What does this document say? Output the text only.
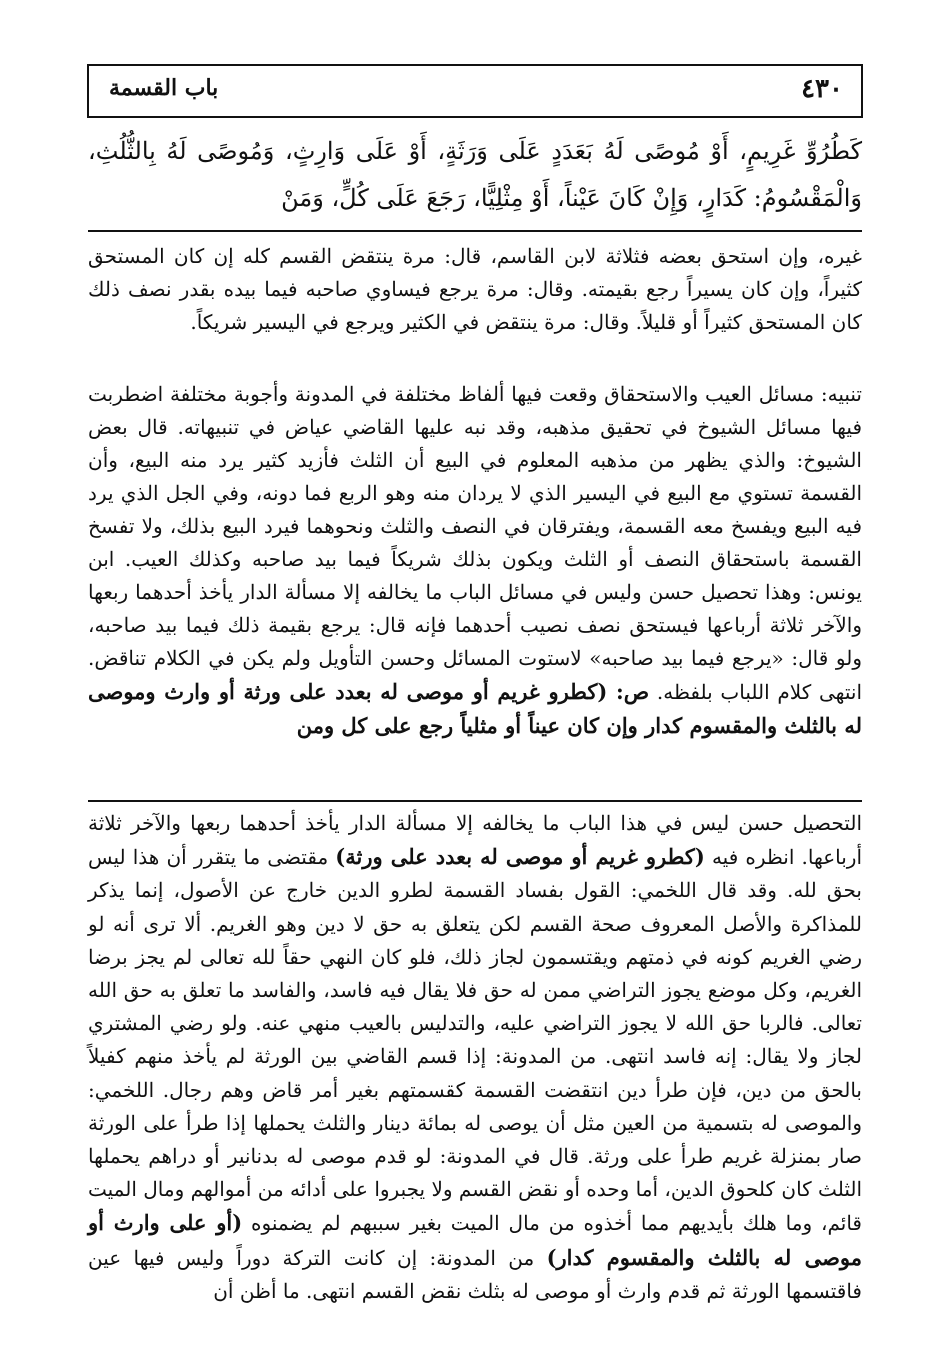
٤٣٠
باب القسمة
كَطُرُوِّ غَرِيمٍ، أَوْ مُوصًى لَهُ بَعَدَدٍ عَلَى وَرَثَةٍ، أَوْ عَلَى وَارِثٍ، وَمُوصًى لَهُ بِالثُّلُثِ، وَالْمَقْسُومُ: كَدَارٍ، وَإِنْ كَانَ عَيْناً، أَوْ مِثْلِيًّا، رَجَعَ عَلَى كُلٍّ، وَمَنْ
غيره، وإن استحق بعضه فثلاثة لابن القاسم، قال: مرة ينتقض القسم كله إن كان المستحق كثيراً، وإن كان يسيراً رجع بقيمته. وقال: مرة يرجع فيساوي صاحبه فيما بيده بقدر نصف ذلك كان المستحق كثيراً أو قليلاً. وقال: مرة ينتقض في الكثير ويرجع في اليسير شريكاً.
تنبيه: مسائل العيب والاستحقاق وقعت فيها ألفاظ مختلفة في المدونة وأجوبة مختلفة اضطربت فيها مسائل الشيوخ في تحقيق مذهبه، وقد نبه عليها القاضي عياض في تنبيهاته. قال بعض الشيوخ: والذي يظهر من مذهبه المعلوم في البيع أن الثلث فأزيد كثير يرد منه البيع، وأن القسمة تستوي مع البيع في اليسير الذي لا يردان منه وهو الربع فما دونه، وفي الجل الذي يرد فيه البيع ويفسخ معه القسمة، ويفترقان في النصف والثلث ونحوهما فيرد البيع بذلك، ولا تفسخ القسمة باستحقاق النصف أو الثلث ويكون بذلك شريكاً فيما بيد صاحبه وكذلك العيب. ابن يونس: وهذا تحصيل حسن وليس في مسائل الباب ما يخالفه إلا مسألة الدار يأخذ أحدهما ربعها والآخر ثلاثة أرباعها فيستحق نصف نصيب أحدهما فإنه قال: يرجع بقيمة ذلك فيما بيد صاحبه، ولو قال: «يرجع فيما بيد صاحبه» لاستوت المسائل وحسن التأويل ولم يكن في الكلام تناقض. انتهى كلام اللباب بلفظه. ص: (كطرو غريم أو موصى له بعدد على ورثة أو وارث وموصى له بالثلث والمقسوم كدار وإن كان عيناً أو مثلياً رجع على كل ومن
التحصيل حسن ليس في هذا الباب ما يخالفه إلا مسألة الدار يأخذ أحدهما ربعها والآخر ثلاثة أرباعها. انظره فيه (كطرو غريم أو موصى له بعدد على ورثة) مقتضى ما يتقرر أن هذا ليس بحق لله. وقد قال اللخمي: القول بفساد القسمة لطرو الدين خارج عن الأصول، إنما يذكر للمذاكرة والأصل المعروف صحة القسم لكن يتعلق به حق لا دين وهو الغريم. ألا ترى أنه لو رضي الغريم كونه في ذمتهم ويقتسمون لجاز ذلك، فلو كان النهي حقاً لله تعالى لم يجز برضا الغريم، وكل موضع يجوز التراضي ممن له حق فلا يقال فيه فاسد، والفاسد ما تعلق به حق الله تعالى. فالربا حق الله لا يجوز التراضي عليه، والتدليس بالعيب منهي عنه. ولو رضي المشتري لجاز ولا يقال: إنه فاسد انتهى. من المدونة: إذا قسم القاضي بين الورثة لم يأخذ منهم كفيلاً بالحق من دين، فإن طرأ دين انتقضت القسمة كقسمتهم بغير أمر قاض وهم رجال. اللخمي: والموصى له بتسمية من العين مثل أن يوصى له بمائة دينار والثلث يحملها إذا طرأ على الورثة صار بمنزلة غريم طرأ على ورثة. قال في المدونة: لو قدم موصى له بدنانير أو دراهم يحملها الثلث كان كلحوق الدين، أما وحده أو نقض القسم ولا يجبروا على أدائه من أموالهم ومال الميت قائم، وما هلك بأيديهم مما أخذوه من مال الميت بغير سببهم لم يضمنوه (أو على وارث أو موصى له بالثلث والمقسوم كدار) من المدونة: إن كانت التركة دوراً وليس فيها عين فاقتسمها الورثة ثم قدم وارث أو موصى له بثلث نقض القسم انتهى. ما أظن أن
